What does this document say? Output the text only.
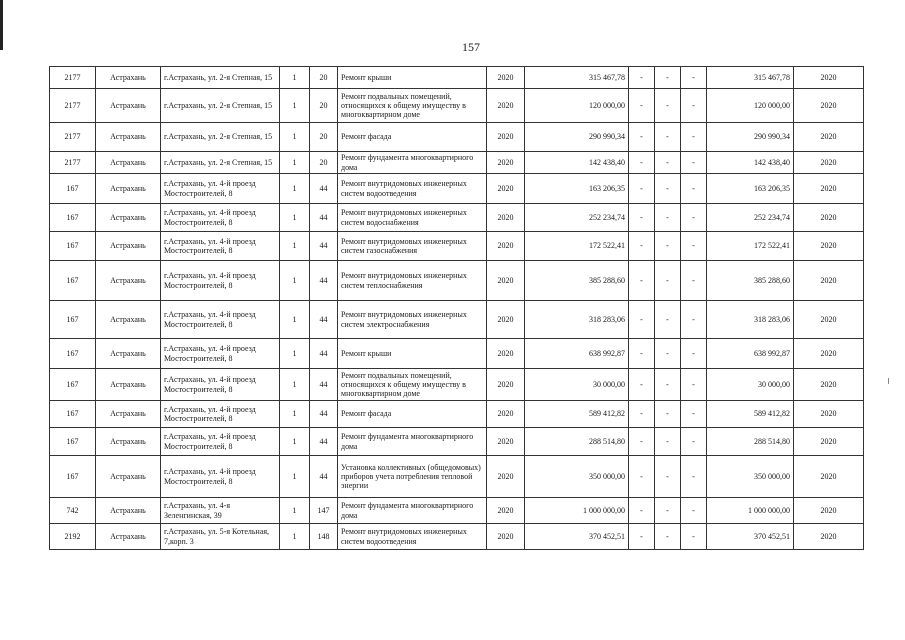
157
2177	Астрахань	г.Астрахань, ул. 2-я Степная, 15	1	20	Ремонт крыши	2020	315 467,78	-	-	-	315 467,78	2020
2177	Астрахань	г.Астрахань, ул. 2-я Степная, 15	1	20	Ремонт подвальных помещений, относящихся к общему имуществу в многоквартирном доме	2020	120 000,00	-	-	-	120 000,00	2020
2177	Астрахань	г.Астрахань, ул. 2-я Степная, 15	1	20	Ремонт фасада	2020	290 990,34	-	-	-	290 990,34	2020
2177	Астрахань	г.Астрахань, ул. 2-я Степная, 15	1	20	Ремонт фундамента многоквартирного дома	2020	142 438,40	-	-	-	142 438,40	2020
167	Астрахань	г.Астрахань, ул. 4-й проезд Мостостроителей, 8	1	44	Ремонт внутридомовых инженерных систем водоотведения	2020	163 206,35	-	-	-	163 206,35	2020
167	Астрахань	г.Астрахань, ул. 4-й проезд Мостостроителей, 8	1	44	Ремонт внутридомовых инженерных систем водоснабжения	2020	252 234,74	-	-	-	252 234,74	2020
167	Астрахань	г.Астрахань, ул. 4-й проезд Мостостроителей, 8	1	44	Ремонт внутридомовых инженерных систем газоснабжения	2020	172 522,41	-	-	-	172 522,41	2020
167	Астрахань	г.Астрахань, ул. 4-й проезд Мостостроителей, 8	1	44	Ремонт внутридомовых инженерных систем теплоснабжения	2020	385 288,60	-	-	-	385 288,60	2020
167	Астрахань	г.Астрахань, ул. 4-й проезд Мостостроителей, 8	1	44	Ремонт внутридомовых инженерных систем электроснабжения	2020	318 283,06	-	-	-	318 283,06	2020
167	Астрахань	г.Астрахань, ул. 4-й проезд Мостостроителей, 8	1	44	Ремонт крыши	2020	638 992,87	-	-	-	638 992,87	2020
167	Астрахань	г.Астрахань, ул. 4-й проезд Мостостроителей, 8	1	44	Ремонт подвальных помещений, относящихся к общему имуществу в многоквартирном доме	2020	30 000,00	-	-	-	30 000,00	2020
167	Астрахань	г.Астрахань, ул. 4-й проезд Мостостроителей, 8	1	44	Ремонт фасада	2020	589 412,82	-	-	-	589 412,82	2020
167	Астрахань	г.Астрахань, ул. 4-й проезд Мостостроителей, 8	1	44	Ремонт фундамента многоквартирного дома	2020	288 514,80	-	-	-	288 514,80	2020
167	Астрахань	г.Астрахань, ул. 4-й проезд Мостостроителей, 8	1	44	Установка коллективных (общедомовых) приборов учета потребления тепловой энергии	2020	350 000,00	-	-	-	350 000,00	2020
742	Астрахань	г.Астрахань, ул. 4-я Зеленгинская, 39	1	147	Ремонт фундамента многоквартирного дома	2020	1 000 000,00	-	-	-	1 000 000,00	2020
2192	Астрахань	г.Астрахань, ул. 5-я Котельная, 7,корп. 3	1	148	Ремонт внутридомовых инженерных систем водоотведения	2020	370 452,51	-	-	-	370 452,51	2020
